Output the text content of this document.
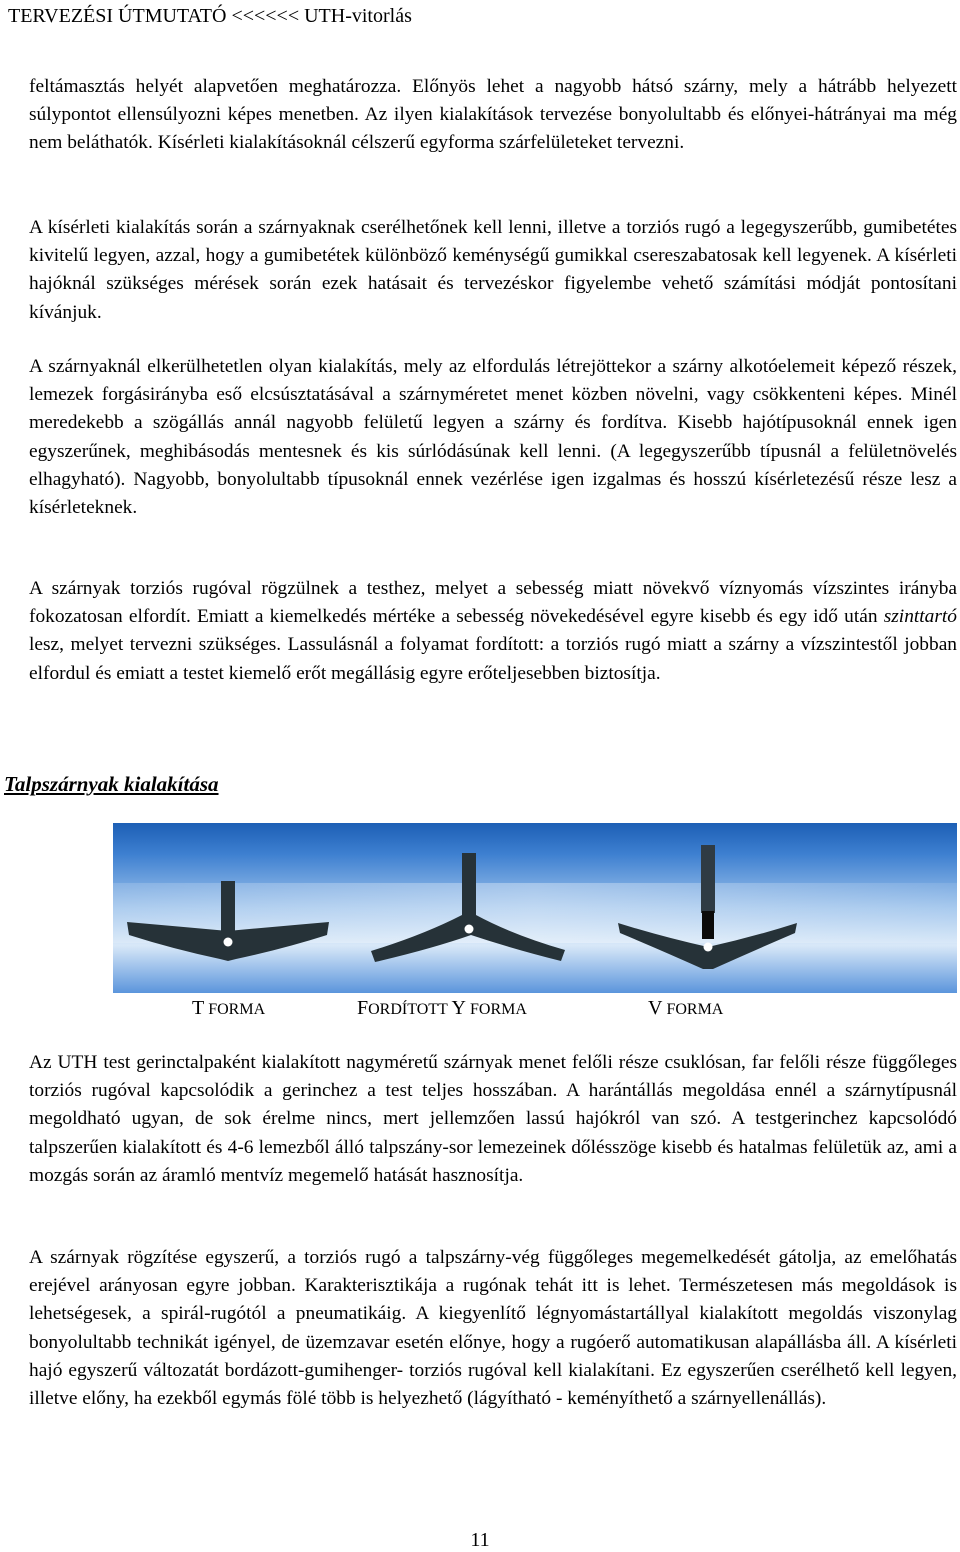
TERVEZÉSI ÚTMUTATÓ <<<<<< UTH-vitorlás

feltámasztás helyét alapvetően meghatározza. Előnyös lehet a nagyobb hátsó szárny, mely a hátrább helyezett súlypontot ellensúlyozni képes menetben. Az ilyen kialakítások tervezése bonyolultabb és előnyei-hátrányai ma még nem beláthatók. Kísérleti kialakításoknál célszerű egyforma szárfelületeket tervezni.

A kísérleti kialakítás során a szárnyaknak cserélhetőnek kell lenni, illetve a torziós rugó a legegyszerűbb, gumibetétes kivitelű legyen, azzal, hogy a gumibetétek különböző keménységű gumikkal csereszabatosak kell legyenek. A kísérleti hajóknál szükséges mérések során ezek hatásait és tervezéskor figyelembe vehető számítási módját pontosítani kívánjuk.

A szárnyaknál elkerülhetetlen olyan kialakítás, mely az elfordulás létrejöttekor a szárny alkotóelemeit képező részek, lemezek forgásirányba eső elcsúsztatásával a szárnyméretet menet közben növelni, vagy csökkenteni képes. Minél meredekebb a szögállás annál nagyobb felületű legyen a szárny és fordítva. Kisebb hajótípusoknál ennek igen egyszerűnek, meghibásodás mentesnek és kis súrlódásúnak kell lenni. (A legegyszerűbb típusnál a felületnövelés elhagyható). Nagyobb, bonyolultabb típusoknál ennek vezérlése igen izgalmas és hosszú kísérletezésű része lesz a kísérleteknek.

A szárnyak torziós rugóval rögzülnek a testhez, melyet a sebesség miatt növekvő víznyomás vízszintes irányba fokozatosan elfordít. Emiatt a kiemelkedés mértéke a sebesség növekedésével egyre kisebb és egy idő után szinttartó lesz, melyet tervezni szükséges. Lassulásnál a folyamat fordított: a torziós rugó miatt a szárny a vízszintestől jobban elfordul és emiatt a testet kiemelő erőt megállásig egyre erőteljesebben biztosítja.

Talpszárnyak kialakítása
T FORMA	FORDÍTOTT Y FORMA	V FORMA

Az UTH test gerinctalpaként kialakított nagyméretű szárnyak menet felőli része csuklósan, far felőli része függőleges torziós rugóval kapcsolódik a gerinchez a test teljes hosszában. A harántállás megoldása ennél a szárnytípusnál megoldható ugyan, de sok érelme nincs, mert jellemzően lassú hajókról van szó. A testgerinchez kapcsolódó talpszerűen kialakított és 4-6 lemezből álló talpszány-sor lemezeinek dőlésszöge kisebb és hatalmas felületük az, ami a mozgás során az áramló mentvíz megemelő hatását hasznosítja.

A szárnyak rögzítése egyszerű, a torziós rugó a talpszárny-vég függőleges megemelkedését gátolja, az emelőhatás erejével arányosan egyre jobban. Karakterisztikája a rugónak tehát itt is lehet. Természetesen más megoldások is lehetségesek, a spirál-rugótól a pneumatikáig. A kiegyenlítő légnyomástartállyal kialakított megoldás viszonylag bonyolultabb technikát igényel, de üzemzavar esetén előnye, hogy a rugóerő automatikusan alapállásba áll. A kísérleti hajó egyszerű változatát bordázott-gumihenger- torziós rugóval kell kialakítani. Ez egyszerűen cserélhető kell legyen, illetve előny, ha ezekből egymás fölé több is helyezhető (lágyítható - keményíthető a szárnyellenállás).

11
